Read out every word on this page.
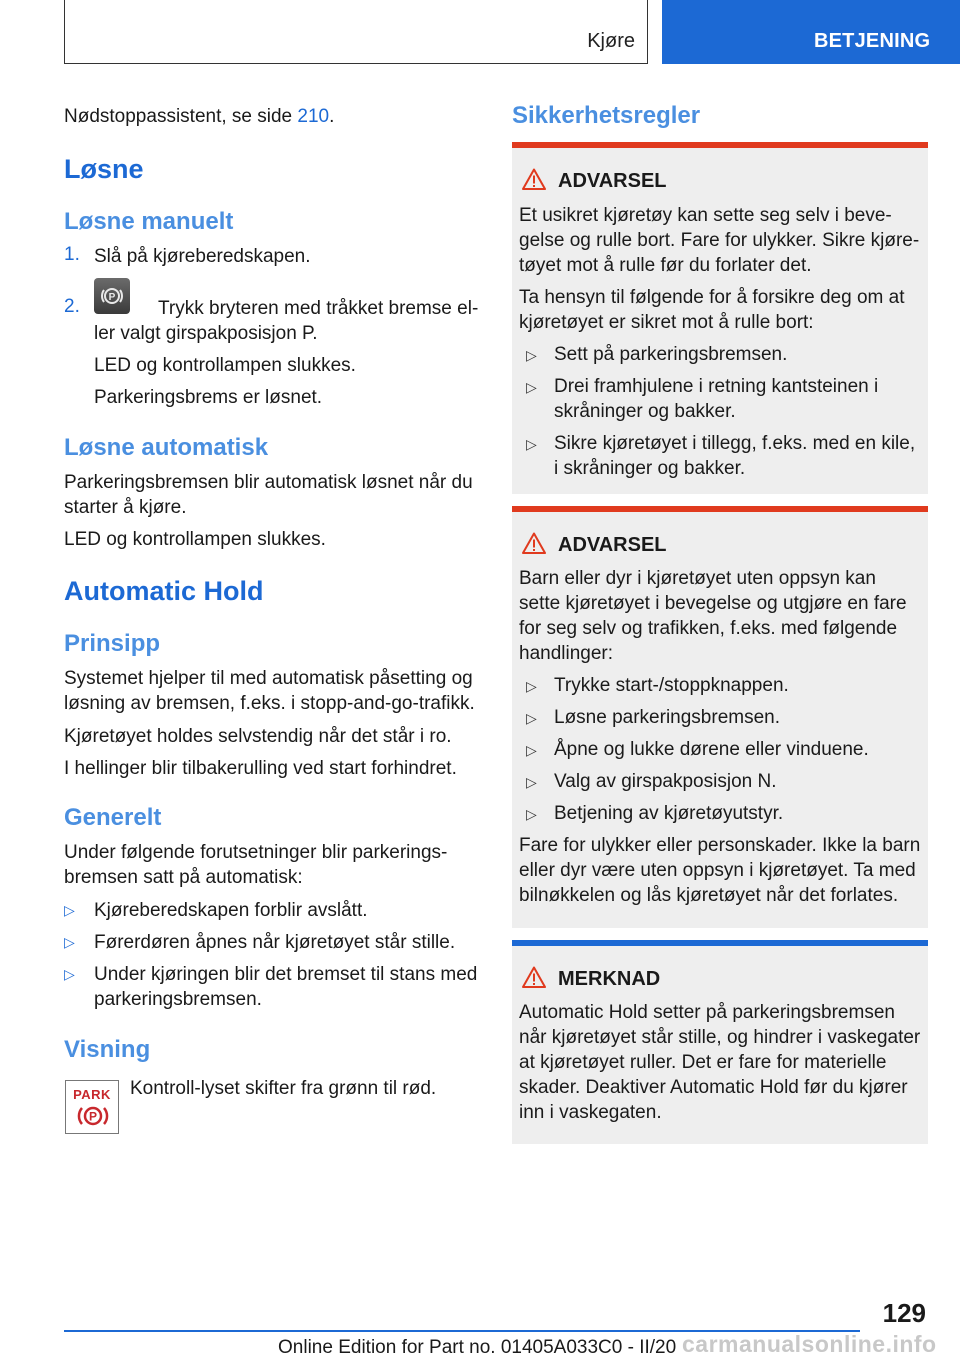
Kjøre	BETJENING
Nødstoppassistent, se side 210.
Løsne
Løsne manuelt
1. Slå på kjøreberedskapen.
2.	P
Trykk bryteren med tråkket bremse el-
ler valgt girspakposisjon P.
LED og kontrollampen slukkes.
Parkeringsbrems er løsnet.
Løsne automatisk
Parkeringsbremsen blir automatisk løsnet når du
starter å kjøre.
LED og kontrollampen slukkes.
Automatic Hold
Prinsipp
Systemet hjelper til med automatisk påsetting og
løsning av bremsen, f.eks. i stopp-and-go-trafikk.
Kjøretøyet holdes selvstendig når det står i ro.
I hellinger blir tilbakerulling ved start forhindret.
Generelt
Under følgende forutsetninger blir parkerings-
bremsen satt på automatisk:
▷ Kjøreberedskapen forblir avslått.
▷ Førerdøren åpnes når kjøretøyet står stille.
▷ Under kjøringen blir det bremset til stans med
parkeringsbremsen.
Visning
PARK
P
Kontroll-lyset skifter fra grønn til rød.
Sikkerhetsregler
ADVARSEL
Et usikret kjøretøy kan sette seg selv i beve-
gelse og rulle bort. Fare for ulykker. Sikre kjøre-
tøyet mot å rulle før du forlater det.
Ta hensyn til følgende for å forsikre deg om at
kjøretøyet er sikret mot å rulle bort:
▷ Sett på parkeringsbremsen.
▷ Drei framhjulene i retning kantsteinen i
skråninger og bakker.
▷ Sikre kjøretøyet i tillegg, f.eks. med en kile,
i skråninger og bakker.
ADVARSEL
Barn eller dyr i kjøretøyet uten oppsyn kan
sette kjøretøyet i bevegelse og utgjøre en fare
for seg selv og trafikken, f.eks. med følgende
handlinger:
▷ Trykke start-/stoppknappen.
▷ Løsne parkeringsbremsen.
▷ Åpne og lukke dørene eller vinduene.
▷ Valg av girspakposisjon N.
▷ Betjening av kjøretøyutstyr.
Fare for ulykker eller personskader. Ikke la barn
eller dyr være uten oppsyn i kjøretøyet. Ta med
bilnøkkelen og lås kjøretøyet når det forlates.
MERKNAD
Automatic Hold setter på parkeringsbremsen
når kjøretøyet står stille, og hindrer i vaskegater
at kjøretøyet ruller. Det er fare for materielle
skader. Deaktiver Automatic Hold før du kjører
inn i vaskegaten.
129
Online Edition for Part no. 01405A033C0 - II/20 carmanualsonline.info
